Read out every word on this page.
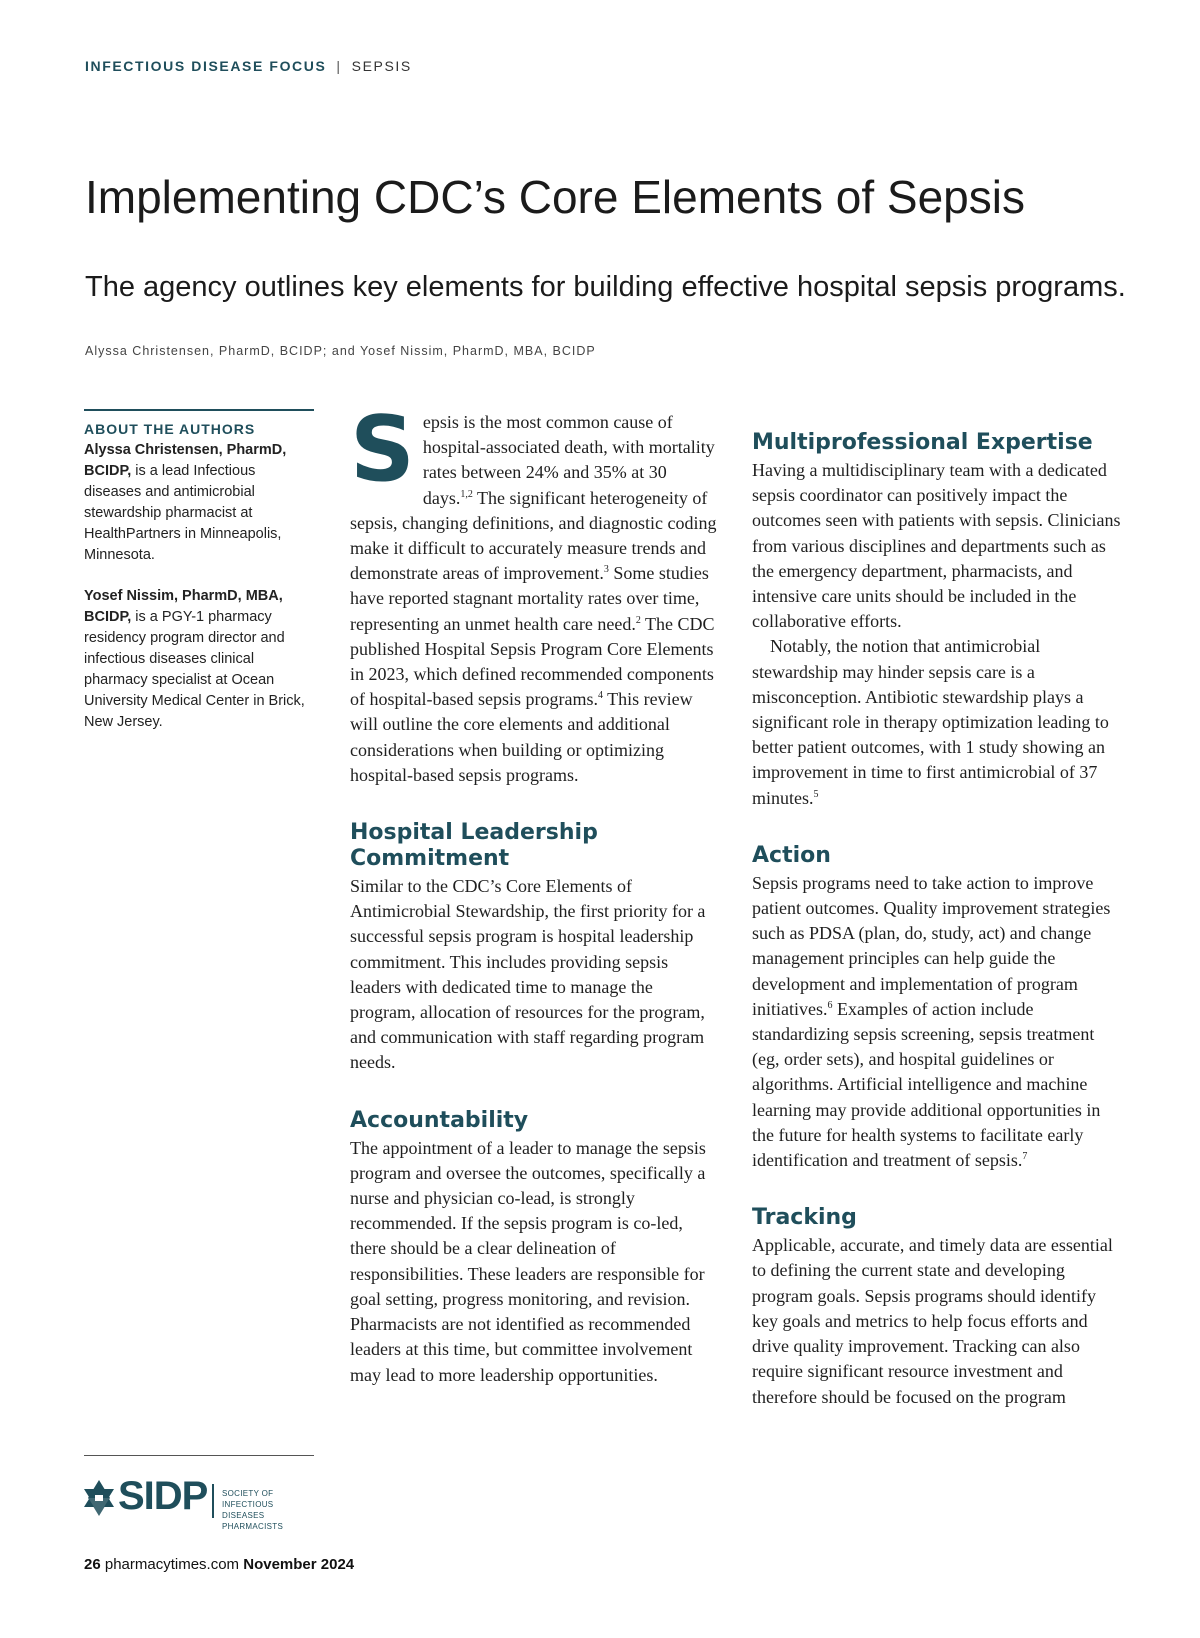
INFECTIOUS DISEASE FOCUS | SEPSIS
Implementing CDC’s Core Elements of Sepsis
The agency outlines key elements for building effective hospital sepsis programs.
Alyssa Christensen, PharmD, BCIDP; and Yosef Nissim, PharmD, MBA, BCIDP
ABOUT THE AUTHORS

Alyssa Christensen, PharmD, BCIDP, is a lead Infectious diseases and antimicrobial stewardship pharmacist at HealthPartners in Minneapolis, Minnesota.

Yosef Nissim, PharmD, MBA, BCIDP, is a PGY-1 pharmacy residency program director and infectious diseases clinical pharmacy specialist at Ocean University Medical Center in Brick, New Jersey.

SIDP SOCIETY OF INFECTIOUS
DISEASES PHARMACISTS

Sepsis is the most common cause of hospital-associated death, with mortality rates between 24% and 35% at 30 days.$^{1,2}$ The significant heterogeneity of sepsis, changing definitions, and diagnostic coding make it difficult to accurately measure trends and demonstrate areas of improvement.$^3$ Some studies have reported stagnant mortality rates over time, representing an unmet health care need.$^2$ The CDC published Hospital Sepsis Program Core Elements in 2023, which defined recommended components of hospital-based sepsis programs.$^4$ This review will outline the core elements and additional considerations when building or optimizing hospital-based sepsis programs.

Hospital Leadership Commitment

Similar to the CDC’s Core Elements of Antimicrobial Stewardship, the first priority for a successful sepsis program is hospital leadership commitment. This includes providing sepsis leaders with dedicated time to manage the program, allocation of resources for the program, and communication with staff regarding program needs.

Accountability

The appointment of a leader to manage the sepsis program and oversee the outcomes, specifically a nurse and physician co-lead, is strongly recommended. If the sepsis program is co-led, there should be a clear delineation of responsibilities. These leaders are responsible for goal setting, progress monitoring, and revision. Pharmacists are not identified as recommended leaders at this time, but committee involvement may lead to more leadership opportunities.

Multiprofessional Expertise

Having a multidisciplinary team with a dedicated sepsis coordinator can positively impact the outcomes seen with patients with sepsis. Clinicians from various disciplines and departments such as the emergency department, pharmacists, and intensive care units should be included in the collaborative efforts.

Notably, the notion that antimicrobial stewardship may hinder sepsis care is a misconception. Antibiotic stewardship plays a significant role in therapy optimization leading to better patient outcomes, with 1 study showing an improvement in time to first antimicrobial of 37 minutes.$^5$

Action

Sepsis programs need to take action to improve patient outcomes. Quality improvement strategies such as PDSA (plan, do, study, act) and change management principles can help guide the development and implementation of program initiatives.$^6$ Examples of action include standardizing sepsis screening, sepsis treatment (eg, order sets), and hospital guidelines or algorithms. Artificial intelligence and machine learning may provide additional opportunities in the future for health systems to facilitate early identification and treatment of sepsis.$^7$

Tracking

Applicable, accurate, and timely data are essential to defining the current state and developing program goals. Sepsis programs should identify key goals and metrics to help focus efforts and drive quality improvement. Tracking can also require significant resource investment and therefore should be focused on the program

26 pharmacytimes.com November 2024
